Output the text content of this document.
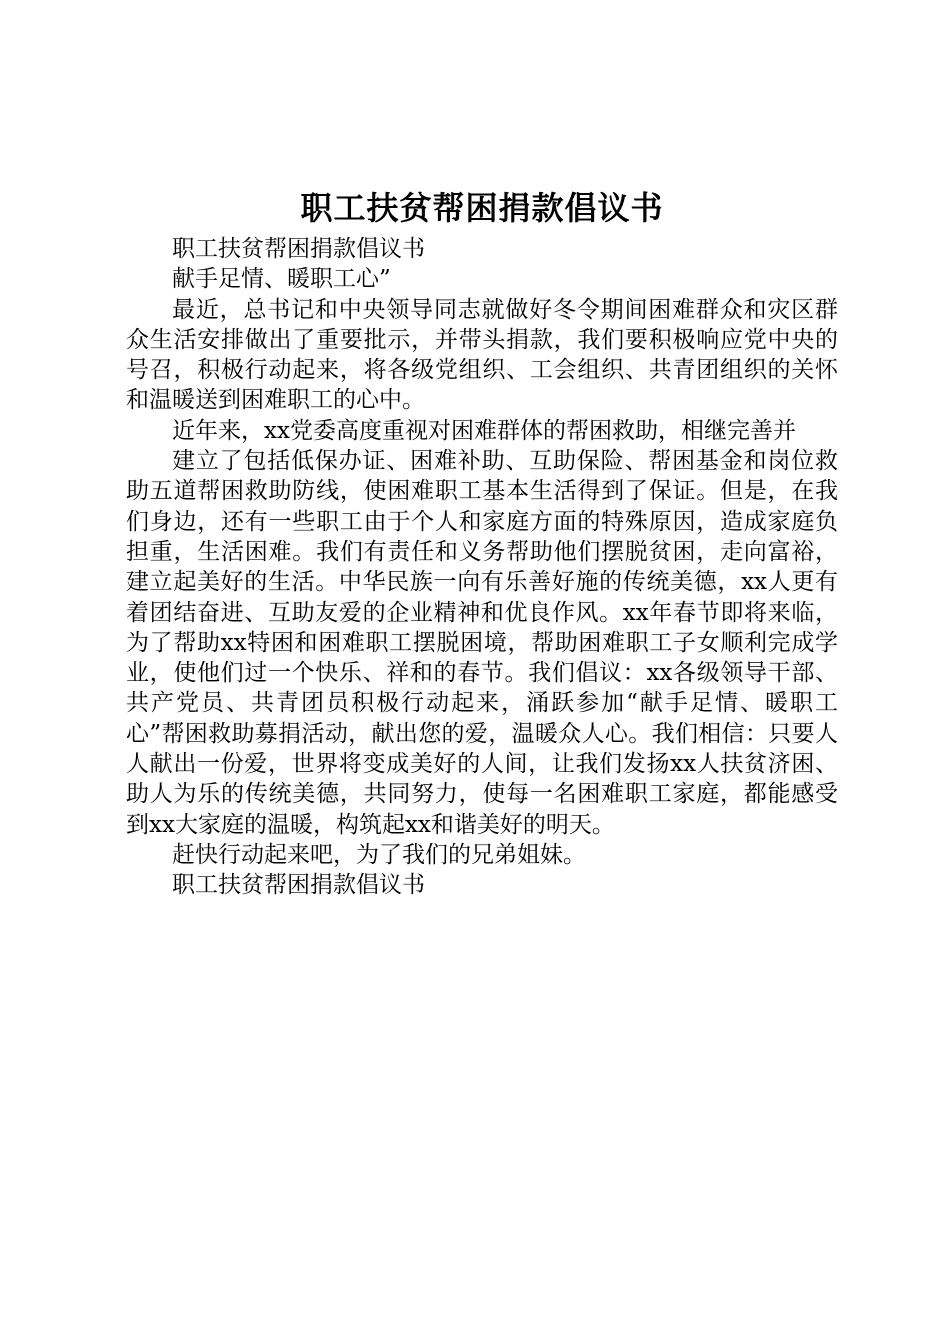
职工扶贫帮困捐款倡议书

职工扶贫帮困捐款倡议书

献手足情、暖职工心”

最近，总书记和中央领导同志就做好冬令期间困难群众和灾区群众生活安排做出了重要批示，并带头捐款，我们要积极响应党中央的号召，积极行动起来，将各级党组织、工会组织、共青团组织的关怀和温暖送到困难职工的心中。

近年来，xx党委高度重视对困难群体的帮困救助，相继完善并

建立了包括低保办证、困难补助、互助保险、帮困基金和岗位救助五道帮困救助防线，使困难职工基本生活得到了保证。但是，在我们身边，还有一些职工由于个人和家庭方面的特殊原因，造成家庭负担重，生活困难。我们有责任和义务帮助他们摆脱贫困，走向富裕，建立起美好的生活。中华民族一向有乐善好施的传统美德，xx人更有着团结奋进、互助友爱的企业精神和优良作风。xx年春节即将来临，为了帮助xx特困和困难职工摆脱困境，帮助困难职工子女顺利完成学业，使他们过一个快乐、祥和的春节。我们倡议：xx各级领导干部、共产党员、共青团员积极行动起来，涌跃参加“献手足情、暖职工心”帮困救助募捐活动，献出您的爱，温暖众人心。我们相信：只要人人献出一份爱，世界将变成美好的人间，让我们发扬xx人扶贫济困、助人为乐的传统美德，共同努力，使每一名困难职工家庭，都能感受到xx大家庭的温暖，构筑起xx和谐美好的明天。

赶快行动起来吧，为了我们的兄弟姐妹。

职工扶贫帮困捐款倡议书
